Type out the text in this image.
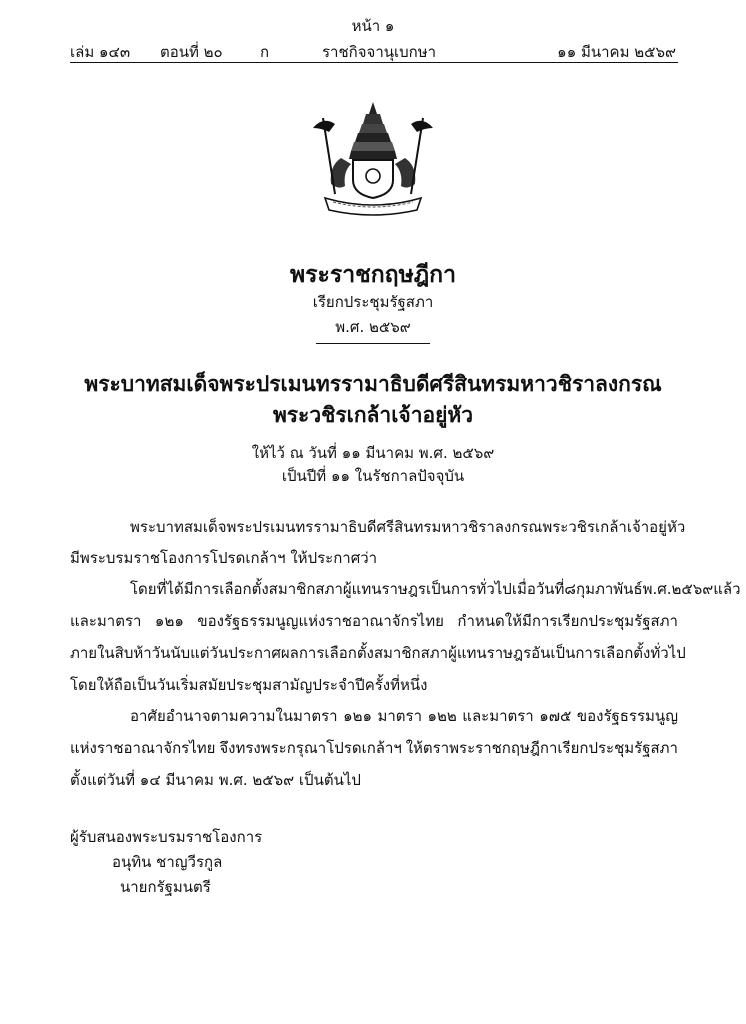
หน้า ๑
เล่ม ๑๔๓ ตอนที่ ๒๐ ก	ราชกิจจานุเบกษา	๑๑ มีนาคม ๒๕๖๙
พระราชกฤษฎีกา
เรียกประชุมรัฐสภา
พ.ศ. ๒๕๖๙
พระบาทสมเด็จพระปรเมนทรรามาธิบดีศรีสินทรมหาวชิราลงกรณ
พระวชิรเกล้าเจ้าอยู่หัว
ให้ไว้ ณ วันที่ ๑๑ มีนาคม พ.ศ. ๒๕๖๙
เป็นปีที่ ๑๑ ในรัชกาลปัจจุบัน
พระบาทสมเด็จพระปรเมนทรรามาธิบดีศรีสินทรมหาวชิราลงกรณ พระวชิรเกล้าเจ้าอยู่หัว
มีพระบรมราชโองการโปรดเกล้าฯ ให้ประกาศว่า
โดยที่ได้มีการเลือกตั้งสมาชิกสภาผู้แทนราษฎรเป็นการทั่วไป เมื่อวันที่ ๘ กุมภาพันธ์ พ.ศ. ๒๕๖๙ แล้ว
และมาตรา ๑๒๑ ของรัฐธรรมนูญแห่งราชอาณาจักรไทย กำหนดให้มีการเรียกประชุมรัฐสภา
ภายในสิบห้าวันนับแต่วันประกาศผลการเลือกตั้งสมาชิกสภาผู้แทนราษฎรอันเป็นการเลือกตั้งทั่วไป
โดยให้ถือเป็นวันเริ่มสมัยประชุมสามัญประจำปีครั้งที่หนึ่ง
อาศัยอำนาจตามความในมาตรา ๑๒๑ มาตรา ๑๒๒ และมาตรา ๑๗๕ ของรัฐธรรมนูญ
แห่งราชอาณาจักรไทย จึงทรงพระกรุณาโปรดเกล้าฯ ให้ตราพระราชกฤษฎีกาเรียกประชุมรัฐสภา
ตั้งแต่วันที่ ๑๔ มีนาคม พ.ศ. ๒๕๖๙ เป็นต้นไป
ผู้รับสนองพระบรมราชโองการ
อนุทิน ชาญวีรกูล
นายกรัฐมนตรี
